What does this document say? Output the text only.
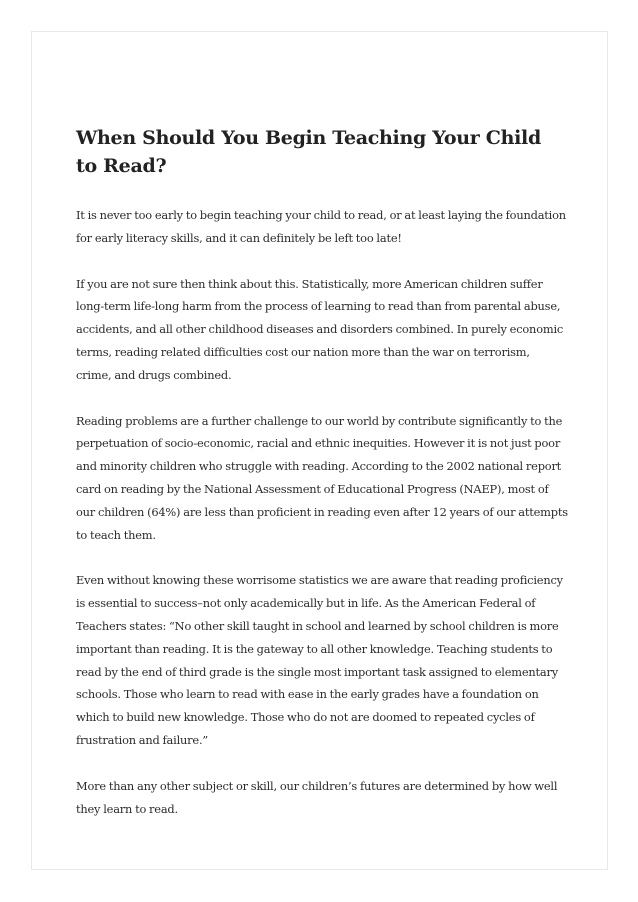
When Should You Begin Teaching Your Child to Read?

It is never too early to begin teaching your child to read, or at least laying the foundation for early literacy skills, and it can definitely be left too late!

If you are not sure then think about this. Statistically, more American children suffer long-term life-long harm from the process of learning to read than from parental abuse, accidents, and all other childhood diseases and disorders combined. In purely economic terms, reading related difficulties cost our nation more than the war on terrorism, crime, and drugs combined.

Reading problems are a further challenge to our world by contribute significantly to the perpetuation of socio-economic, racial and ethnic inequities. However it is not just poor and minority children who struggle with reading. According to the 2002 national report card on reading by the National Assessment of Educational Progress (NAEP), most of our children (64%) are less than proficient in reading even after 12 years of our attempts to teach them.

Even without knowing these worrisome statistics we are aware that reading proficiency is essential to success–not only academically but in life. As the American Federal of Teachers states: “No other skill taught in school and learned by school children is more important than reading. It is the gateway to all other knowledge. Teaching students to read by the end of third grade is the single most important task assigned to elementary schools. Those who learn to read with ease in the early grades have a foundation on which to build new knowledge. Those who do not are doomed to repeated cycles of frustration and failure.”

More than any other subject or skill, our children’s futures are determined by how well they learn to read.
